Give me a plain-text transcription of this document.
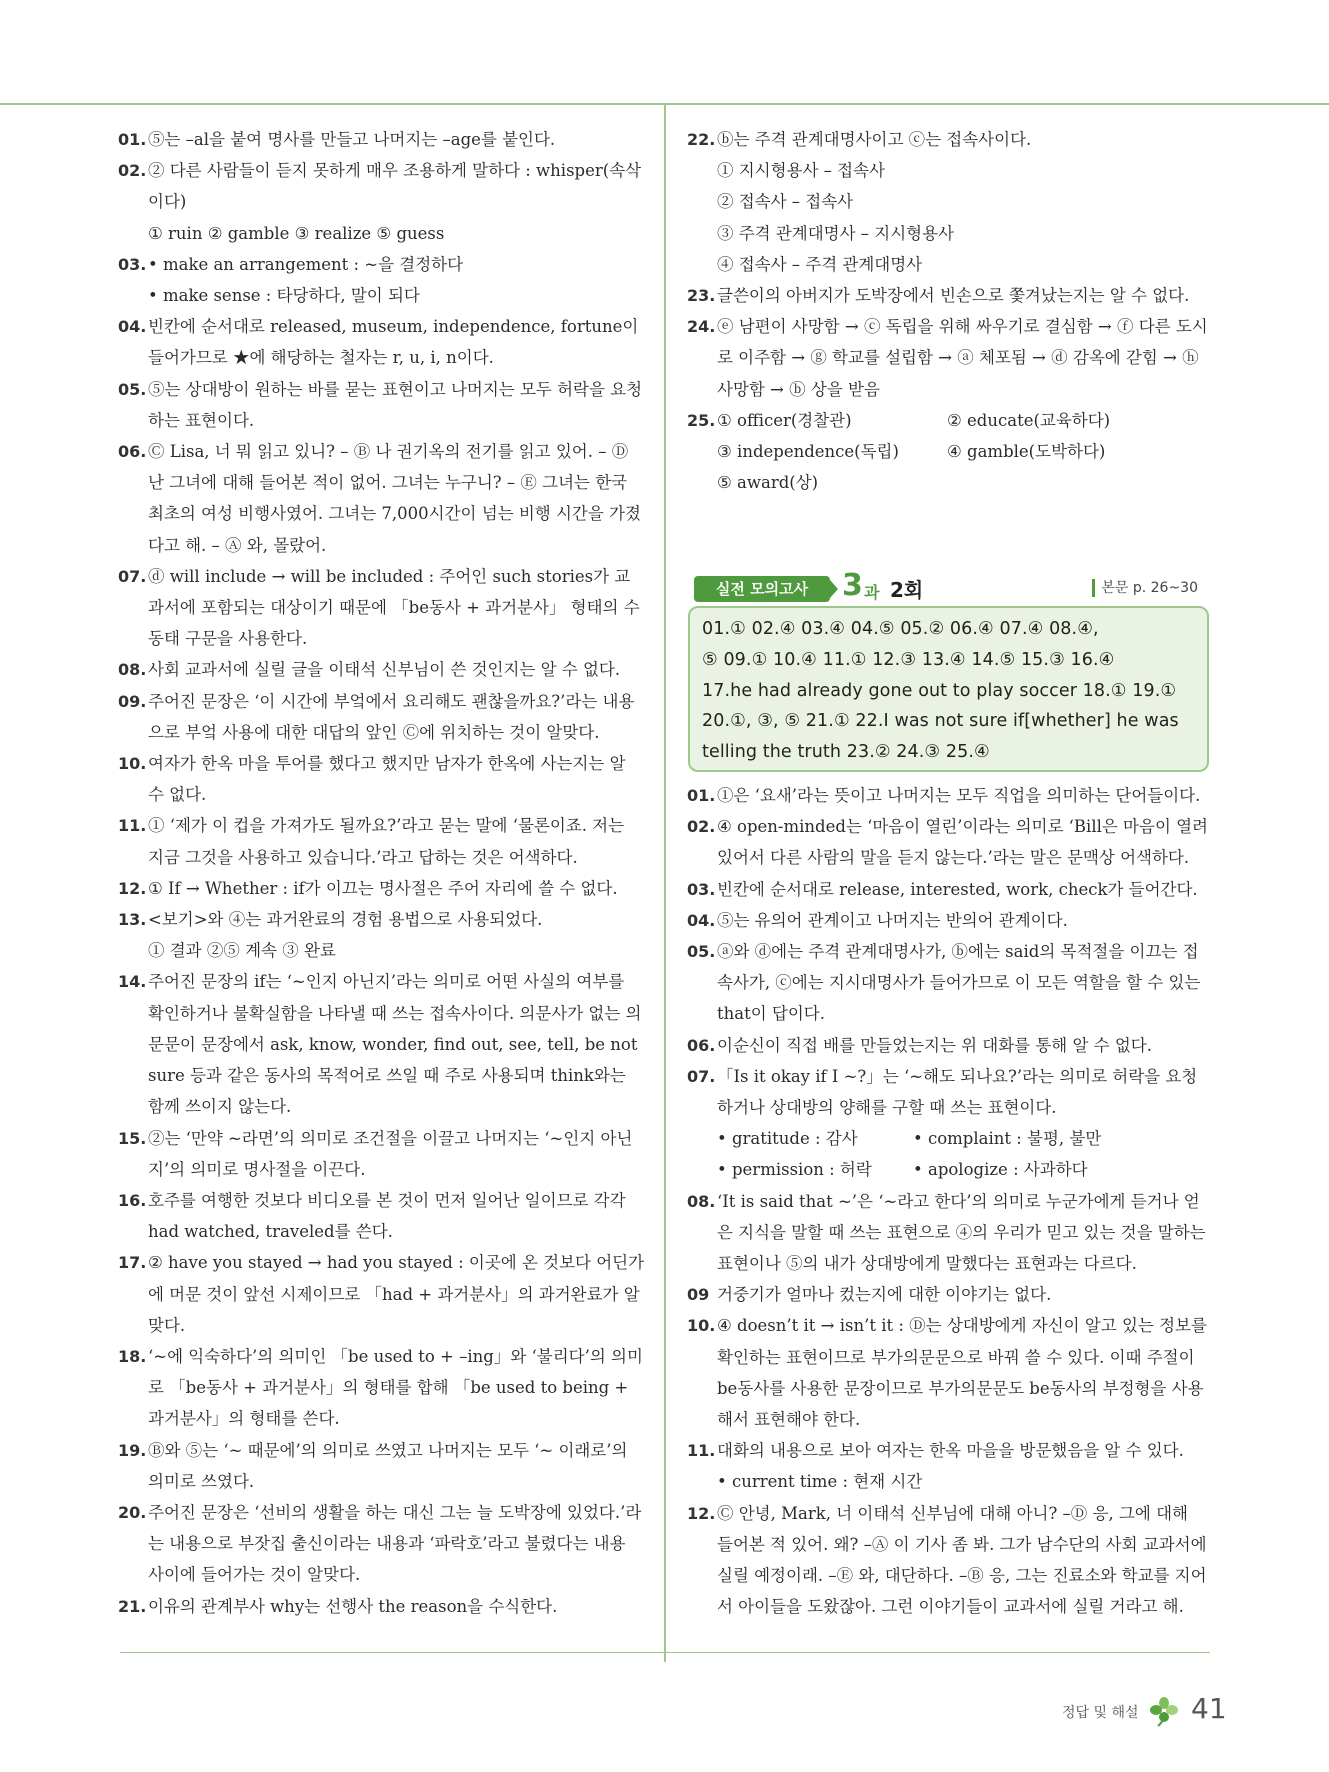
01. ⑤는 –al을 붙여 명사를 만들고 나머지는 –age를 붙인다.

02. ② 다른 사람들이 듣지 못하게 매우 조용하게 말하다 : whisper(속삭이다)

① ruin ② gamble ③ realize ⑤ guess

03. • make an arrangement : ~을 결정하다

• make sense : 타당하다, 말이 되다

04. 빈칸에 순서대로 released, museum, independence, fortune이 들어가므로 ★에 해당하는 철자는 r, u, i, n이다.

05. ⑤는 상대방이 원하는 바를 묻는 표현이고 나머지는 모두 허락을 요청하는 표현이다.

06. Ⓒ Lisa, 너 뭐 읽고 있니? – Ⓑ 나 권기옥의 전기를 읽고 있어. – Ⓓ 난 그녀에 대해 들어본 적이 없어. 그녀는 누구니? – Ⓔ 그녀는 한국 최초의 여성 비행사였어. 그녀는 7,000시간이 넘는 비행 시간을 가졌다고 해. – Ⓐ 와, 몰랐어.

07. ⓓ will include → will be included : 주어인 such stories가 교과서에 포함되는 대상이기 때문에 「be동사 + 과거분사」 형태의 수동태 구문을 사용한다.

08. 사회 교과서에 실릴 글을 이태석 신부님이 쓴 것인지는 알 수 없다.

09. 주어진 문장은 ‘이 시간에 부엌에서 요리해도 괜찮을까요?’라는 내용으로 부엌 사용에 대한 대답의 앞인 Ⓒ에 위치하는 것이 알맞다.

10. 여자가 한옥 마을 투어를 했다고 했지만 남자가 한옥에 사는지는 알 수 없다.

11. ① ‘제가 이 컵을 가져가도 될까요?’라고 묻는 말에 ‘물론이죠. 저는 지금 그것을 사용하고 있습니다.’라고 답하는 것은 어색하다.

12. ① If → Whether : if가 이끄는 명사절은 주어 자리에 쓸 수 없다.

13. <보기>와 ④는 과거완료의 경험 용법으로 사용되었다.

① 결과 ②⑤ 계속 ③ 완료

14. 주어진 문장의 if는 ‘~인지 아닌지’라는 의미로 어떤 사실의 여부를 확인하거나 불확실함을 나타낼 때 쓰는 접속사이다. 의문사가 없는 의문문이 문장에서 ask, know, wonder, find out, see, tell, be not sure 등과 같은 동사의 목적어로 쓰일 때 주로 사용되며 think와는 함께 쓰이지 않는다.

15. ②는 ‘만약 ~라면’의 의미로 조건절을 이끌고 나머지는 ‘~인지 아닌지’의 의미로 명사절을 이끈다.

16. 호주를 여행한 것보다 비디오를 본 것이 먼저 일어난 일이므로 각각 had watched, traveled를 쓴다.

17. ② have you stayed → had you stayed : 이곳에 온 것보다 어딘가에 머문 것이 앞선 시제이므로 「had + 과거분사」의 과거완료가 알맞다.

18. ‘~에 익숙하다’의 의미인 「be used to + –ing」와 ‘불리다’의 의미로 「be동사 + 과거분사」의 형태를 합해 「be used to being + 과거분사」의 형태를 쓴다.

19. Ⓑ와 ⑤는 ‘~ 때문에’의 의미로 쓰였고 나머지는 모두 ‘~ 이래로’의 의미로 쓰였다.

20. 주어진 문장은 ‘선비의 생활을 하는 대신 그는 늘 도박장에 있었다.’라는 내용으로 부잣집 출신이라는 내용과 ‘파락호’라고 불렸다는 내용 사이에 들어가는 것이 알맞다.

21. 이유의 관계부사 why는 선행사 the reason을 수식한다.

22. ⓑ는 주격 관계대명사이고 ⓒ는 접속사이다.

① 지시형용사 – 접속사

② 접속사 – 접속사

③ 주격 관계대명사 – 지시형용사

④ 접속사 – 주격 관계대명사

23. 글쓴이의 아버지가 도박장에서 빈손으로 쫓겨났는지는 알 수 없다.

24. ⓔ 남편이 사망함 → ⓒ 독립을 위해 싸우기로 결심함 → ⓕ 다른 도시로 이주함 → ⓖ 학교를 설립함 → ⓐ 체포됨 → ⓓ 감옥에 갇힘 → ⓗ 사망함 → ⓑ 상을 받음

25. ① officer(경찰관)	② educate(교육하다)
③ independence(독립)	④ gamble(도박하다)
⑤ award(상)
실전 모의고사	3 과 2회	본문 p. 26~30

01.① 02.④ 03.④ 04.⑤ 05.② 06.④ 07.④ 08.④,

⑤ 09.① 10.④ 11.① 12.③ 13.④ 14.⑤ 15.③ 16.④

17.he had already gone out to play soccer 18.① 19.①

20.①, ③, ⑤ 21.① 22.I was not sure if[whether] he was

telling the truth 23.② 24.③ 25.④

01. ①은 ‘요새’라는 뜻이고 나머지는 모두 직업을 의미하는 단어들이다.

02. ④ open-minded는 ‘마음이 열린’이라는 의미로 ‘Bill은 마음이 열려 있어서 다른 사람의 말을 듣지 않는다.’라는 말은 문맥상 어색하다.

03. 빈칸에 순서대로 release, interested, work, check가 들어간다.

04. ⑤는 유의어 관계이고 나머지는 반의어 관계이다.

05. ⓐ와 ⓓ에는 주격 관계대명사가, ⓑ에는 said의 목적절을 이끄는 접속사가, ⓒ에는 지시대명사가 들어가므로 이 모든 역할을 할 수 있는 that이 답이다.

06. 이순신이 직접 배를 만들었는지는 위 대화를 통해 알 수 없다.

07. 「Is it okay if I ~?」는 ‘~해도 되나요?’라는 의미로 허락을 요청하거나 상대방의 양해를 구할 때 쓰는 표현이다.

• gratitude : 감사	• complaint : 불평, 불만
• permission : 허락	• apologize : 사과하다
08. ‘It is said that ~’은 ‘~라고 한다’의 의미로 누군가에게 듣거나 얻은 지식을 말할 때 쓰는 표현으로 ④의 우리가 믿고 있는 것을 말하는 표현이나 ⑤의 내가 상대방에게 말했다는 표현과는 다르다.

09 거중기가 얼마나 컸는지에 대한 이야기는 없다.

10. ④ doesn’t it → isn’t it : Ⓓ는 상대방에게 자신이 알고 있는 정보를 확인하는 표현이므로 부가의문문으로 바꿔 쓸 수 있다. 이때 주절이 be동사를 사용한 문장이므로 부가의문문도 be동사의 부정형을 사용해서 표현해야 한다.

11. 대화의 내용으로 보아 여자는 한옥 마을을 방문했음을 알 수 있다.

• current time : 현재 시간

12. Ⓒ 안녕, Mark, 너 이태석 신부님에 대해 아니? –Ⓓ 응, 그에 대해 들어본 적 있어. 왜? –Ⓐ 이 기사 좀 봐. 그가 남수단의 사회 교과서에 실릴 예정이래. –Ⓔ 와, 대단하다. –Ⓑ 응, 그는 진료소와 학교를 지어서 아이들을 도왔잖아. 그런 이야기들이 교과서에 실릴 거라고 해.

정답 및 해설 41
